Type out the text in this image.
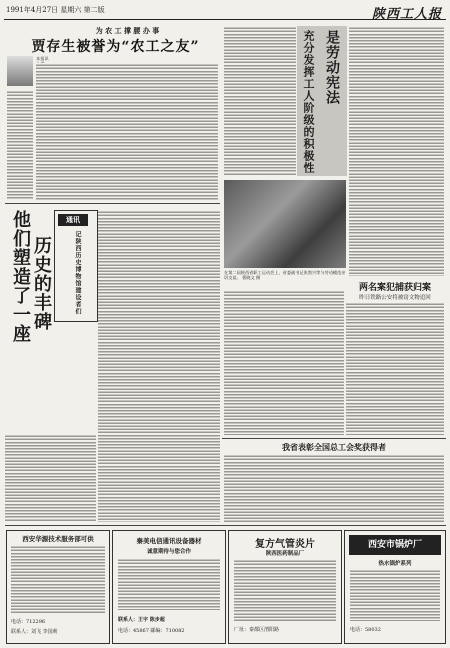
1991年4月27日 星期六 第二版	陕西工人报
为 农 工 撑 腰 办 事
贾存生被誉为“农工之友”
本报讯
他们塑造了一座 历史的丰碑
通讯
记陕西历史博物馆建设者们
是劳动宪法
充分发挥工人阶级的积极性
在第二届陕西省职工运动会上，省委副书记张勃兴等与劳动模范亲切交谈。 曹晓文 摄
两名案犯捕获归案
昨日铁路公安将被窃文物追回
我省表彰全国总工会奖获得者
西安华源技术服务部可供
电话：712296
联系人：刘飞 李国莉
秦美电信通讯设备器材
诚意期待与您合作
联系人：王宇 陈步超
电话：45867 邮编：710082
复方气管炎片
陕西医药制品厂
厂址：秦都区渭阳路
西安市锅炉厂
热水锅炉系列
电话：58032
